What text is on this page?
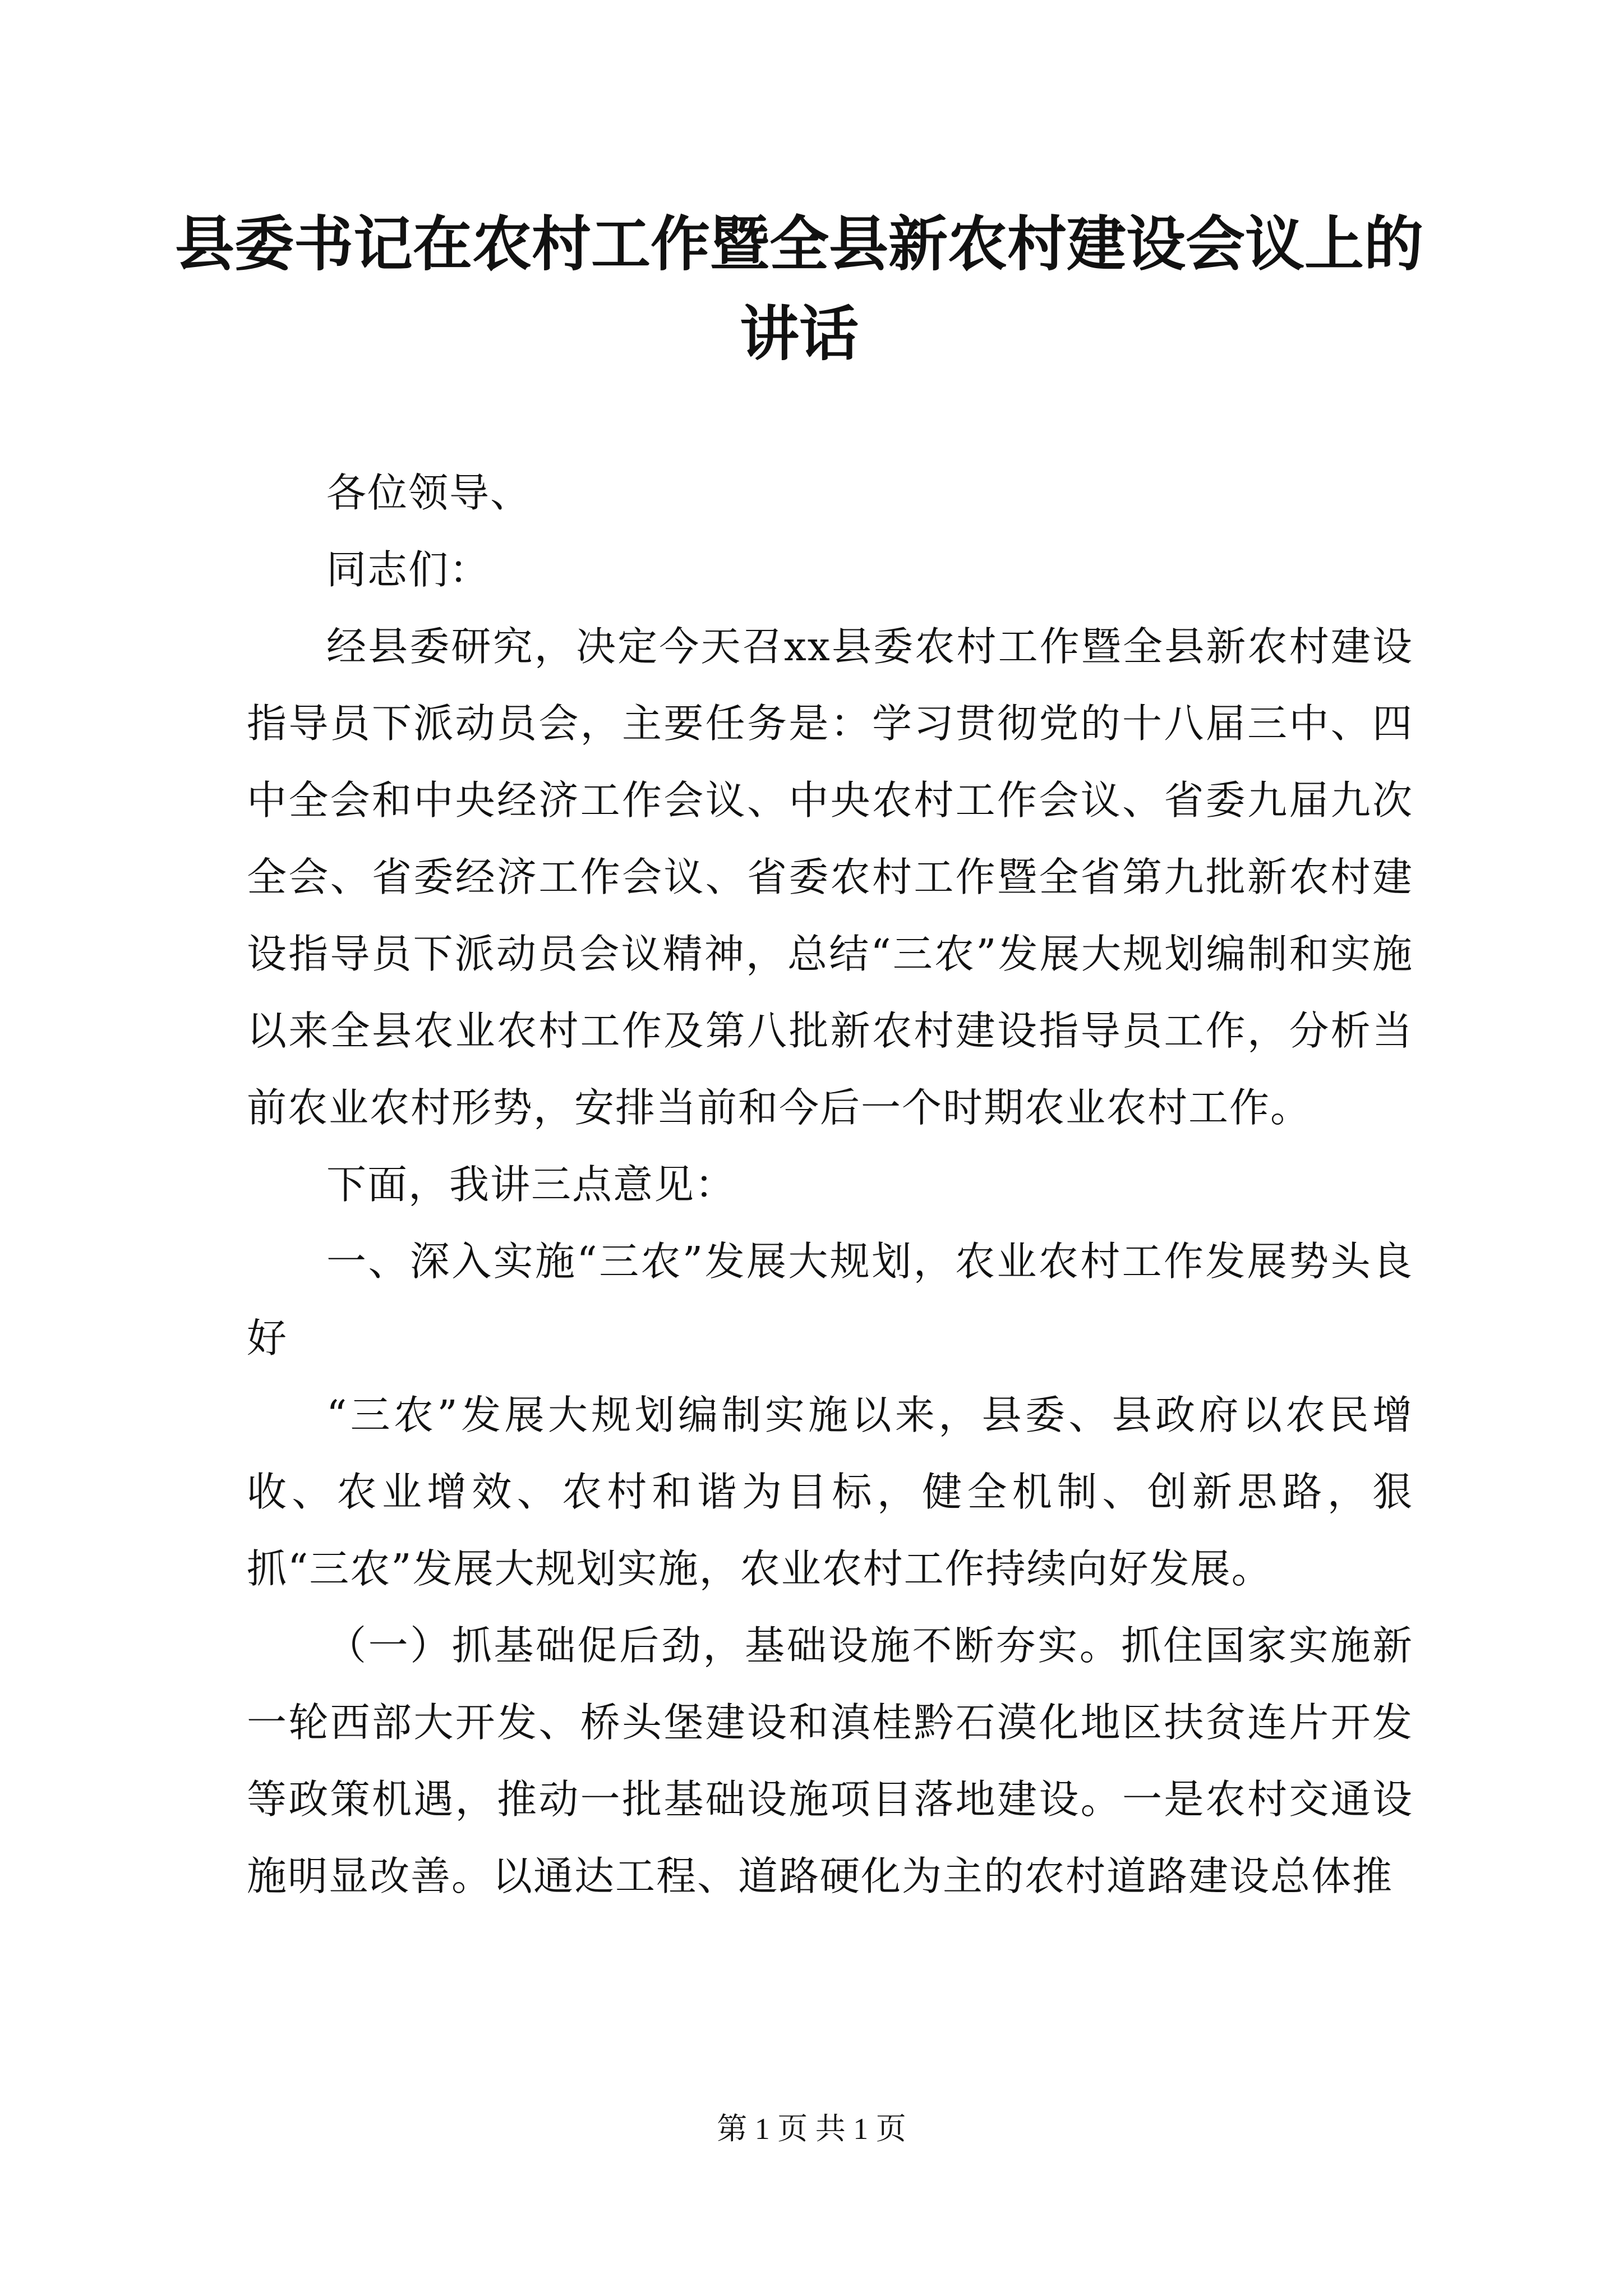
县委书记在农村工作暨全县新农村建设会议上的讲话

各位领导、

同志们：

经县委研究，决定今天召xx县委农村工作暨全县新农村建设指导员下派动员会，主要任务是：学习贯彻党的十八届三中、四中全会和中央经济工作会议、中央农村工作会议、省委九届九次全会、省委经济工作会议、省委农村工作暨全省第九批新农村建设指导员下派动员会议精神，总结“三农”发展大规划编制和实施以来全县农业农村工作及第八批新农村建设指导员工作，分析当前农业农村形势，安排当前和今后一个时期农业农村工作。

下面，我讲三点意见：

一、深入实施“三农”发展大规划，农业农村工作发展势头良好

“三农”发展大规划编制实施以来，县委、县政府以农民增收、农业增效、农村和谐为目标，健全机制、创新思路，狠抓“三农”发展大规划实施，农业农村工作持续向好发展。

（一）抓基础促后劲，基础设施不断夯实。抓住国家实施新一轮西部大开发、桥头堡建设和滇桂黔石漠化地区扶贫连片开发等政策机遇，推动一批基础设施项目落地建设。一是农村交通设施明显改善。以通达工程、道路硬化为主的农村道路建设总体推

第 1 页 共 1 页
